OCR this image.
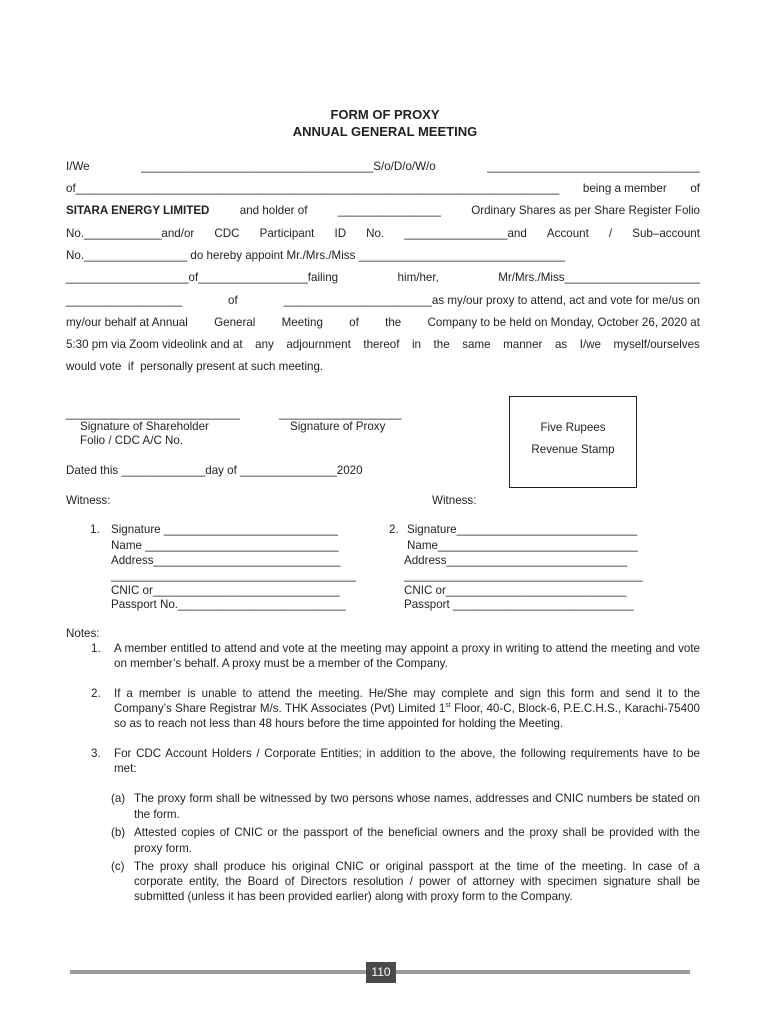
FORM OF PROXY
ANNUAL GENERAL MEETING
I/We	____________________________________S/o/D/o/W/o	_________________________________
of___________________________________________________________________________ being a member of
SITARA ENERGY LIMITED	and holder of	________________	Ordinary Shares as per Share Register Folio
No.____________and/or CDC Participant ID No. ________________and Account / Sub–account
No.________________ do hereby appoint Mr./Mrs./Miss ________________________________
___________________of_________________failing	him/her,	Mr/Mrs./Miss_____________________
__________________	of	_______________________as my/our proxy to attend, act and vote for me/us on
my/our behalf at Annual General Meeting of the Company to be held on Monday, October 26, 2020 at
5:30 pm via Zoom videolink and at any adjournment thereof in the same manner as I/we myself/ourselves
would vote  if  personally present at such meeting.
___________________________
Signature of Shareholder
Folio / CDC A/C No.
___________________
Signature of Proxy	Five Rupees
Revenue Stamp
Dated this _____________day of _______________2020
Witness:	Witness:
1. Signature ___________________________
Name ______________________________
Address_____________________________
______________________________________
CNIC or_____________________________
Passport No.__________________________
2. Signature____________________________
Name_______________________________
Address____________________________
_____________________________________
CNIC or____________________________
Passport ____________________________
Notes:
1. A member entitled to attend and vote at the meeting may appoint a proxy in writing to attend the meeting and vote on member’s behalf. A proxy must be a member of the Company.
2. If a member is unable to attend the meeting. He/She may complete and sign this form and send it to the Company’s Share Registrar M/s. THK Associates (Pvt) Limited 1st Floor, 40-C, Block-6, P.E.C.H.S., Karachi-75400 so as to reach not less than 48 hours before the time appointed for holding the Meeting.
3. For CDC Account Holders / Corporate Entities; in addition to the above, the following requirements have to be met:
(a) The proxy form shall be witnessed by two persons whose names, addresses and CNIC numbers be stated on the form.
(b) Attested copies of CNIC or the passport of the beneficial owners and the proxy shall be provided with the proxy form.
(c) The proxy shall produce his original CNIC or original passport at the time of the meeting. In case of a corporate entity, the Board of Directors resolution / power of attorney with specimen signature shall be submitted (unless it has been provided earlier) along with proxy form to the Company.
110
